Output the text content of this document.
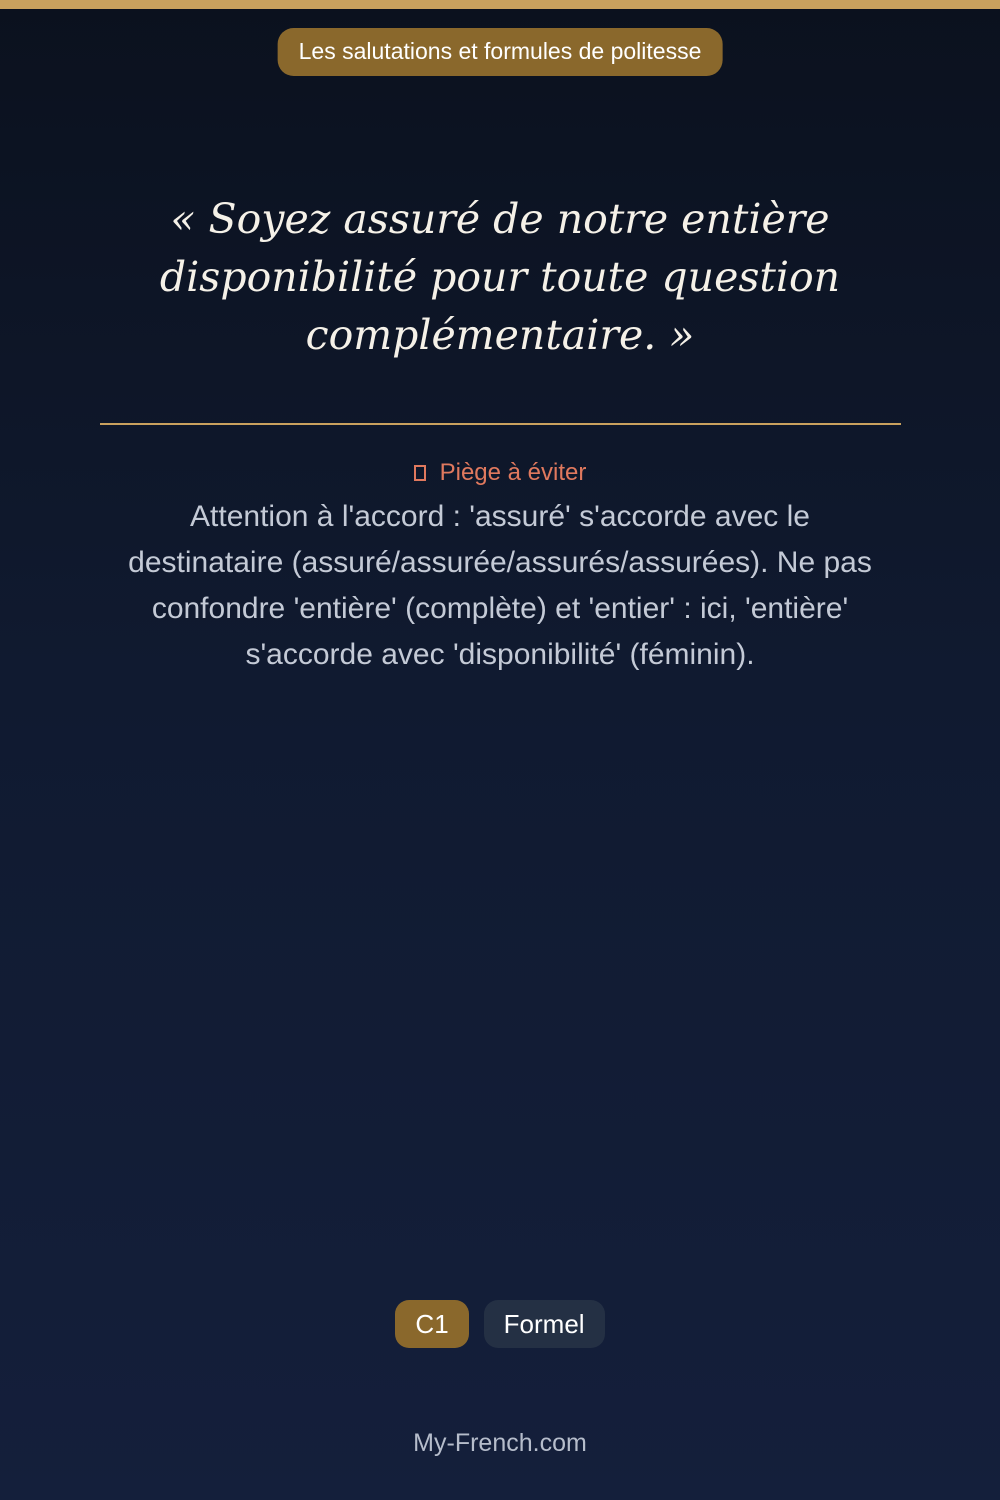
Les salutations et formules de politesse

« Soyez assuré de notre entière disponibilité pour toute question complémentaire. »

Piège à éviter

Attention à l'accord : 'assuré' s'accorde avec le destinataire (assuré/assurée/assurés/assurées). Ne pas confondre 'entière' (complète) et 'entier' : ici, 'entière' s'accorde avec 'disponibilité' (féminin).

C1	Formel
My-French.com
